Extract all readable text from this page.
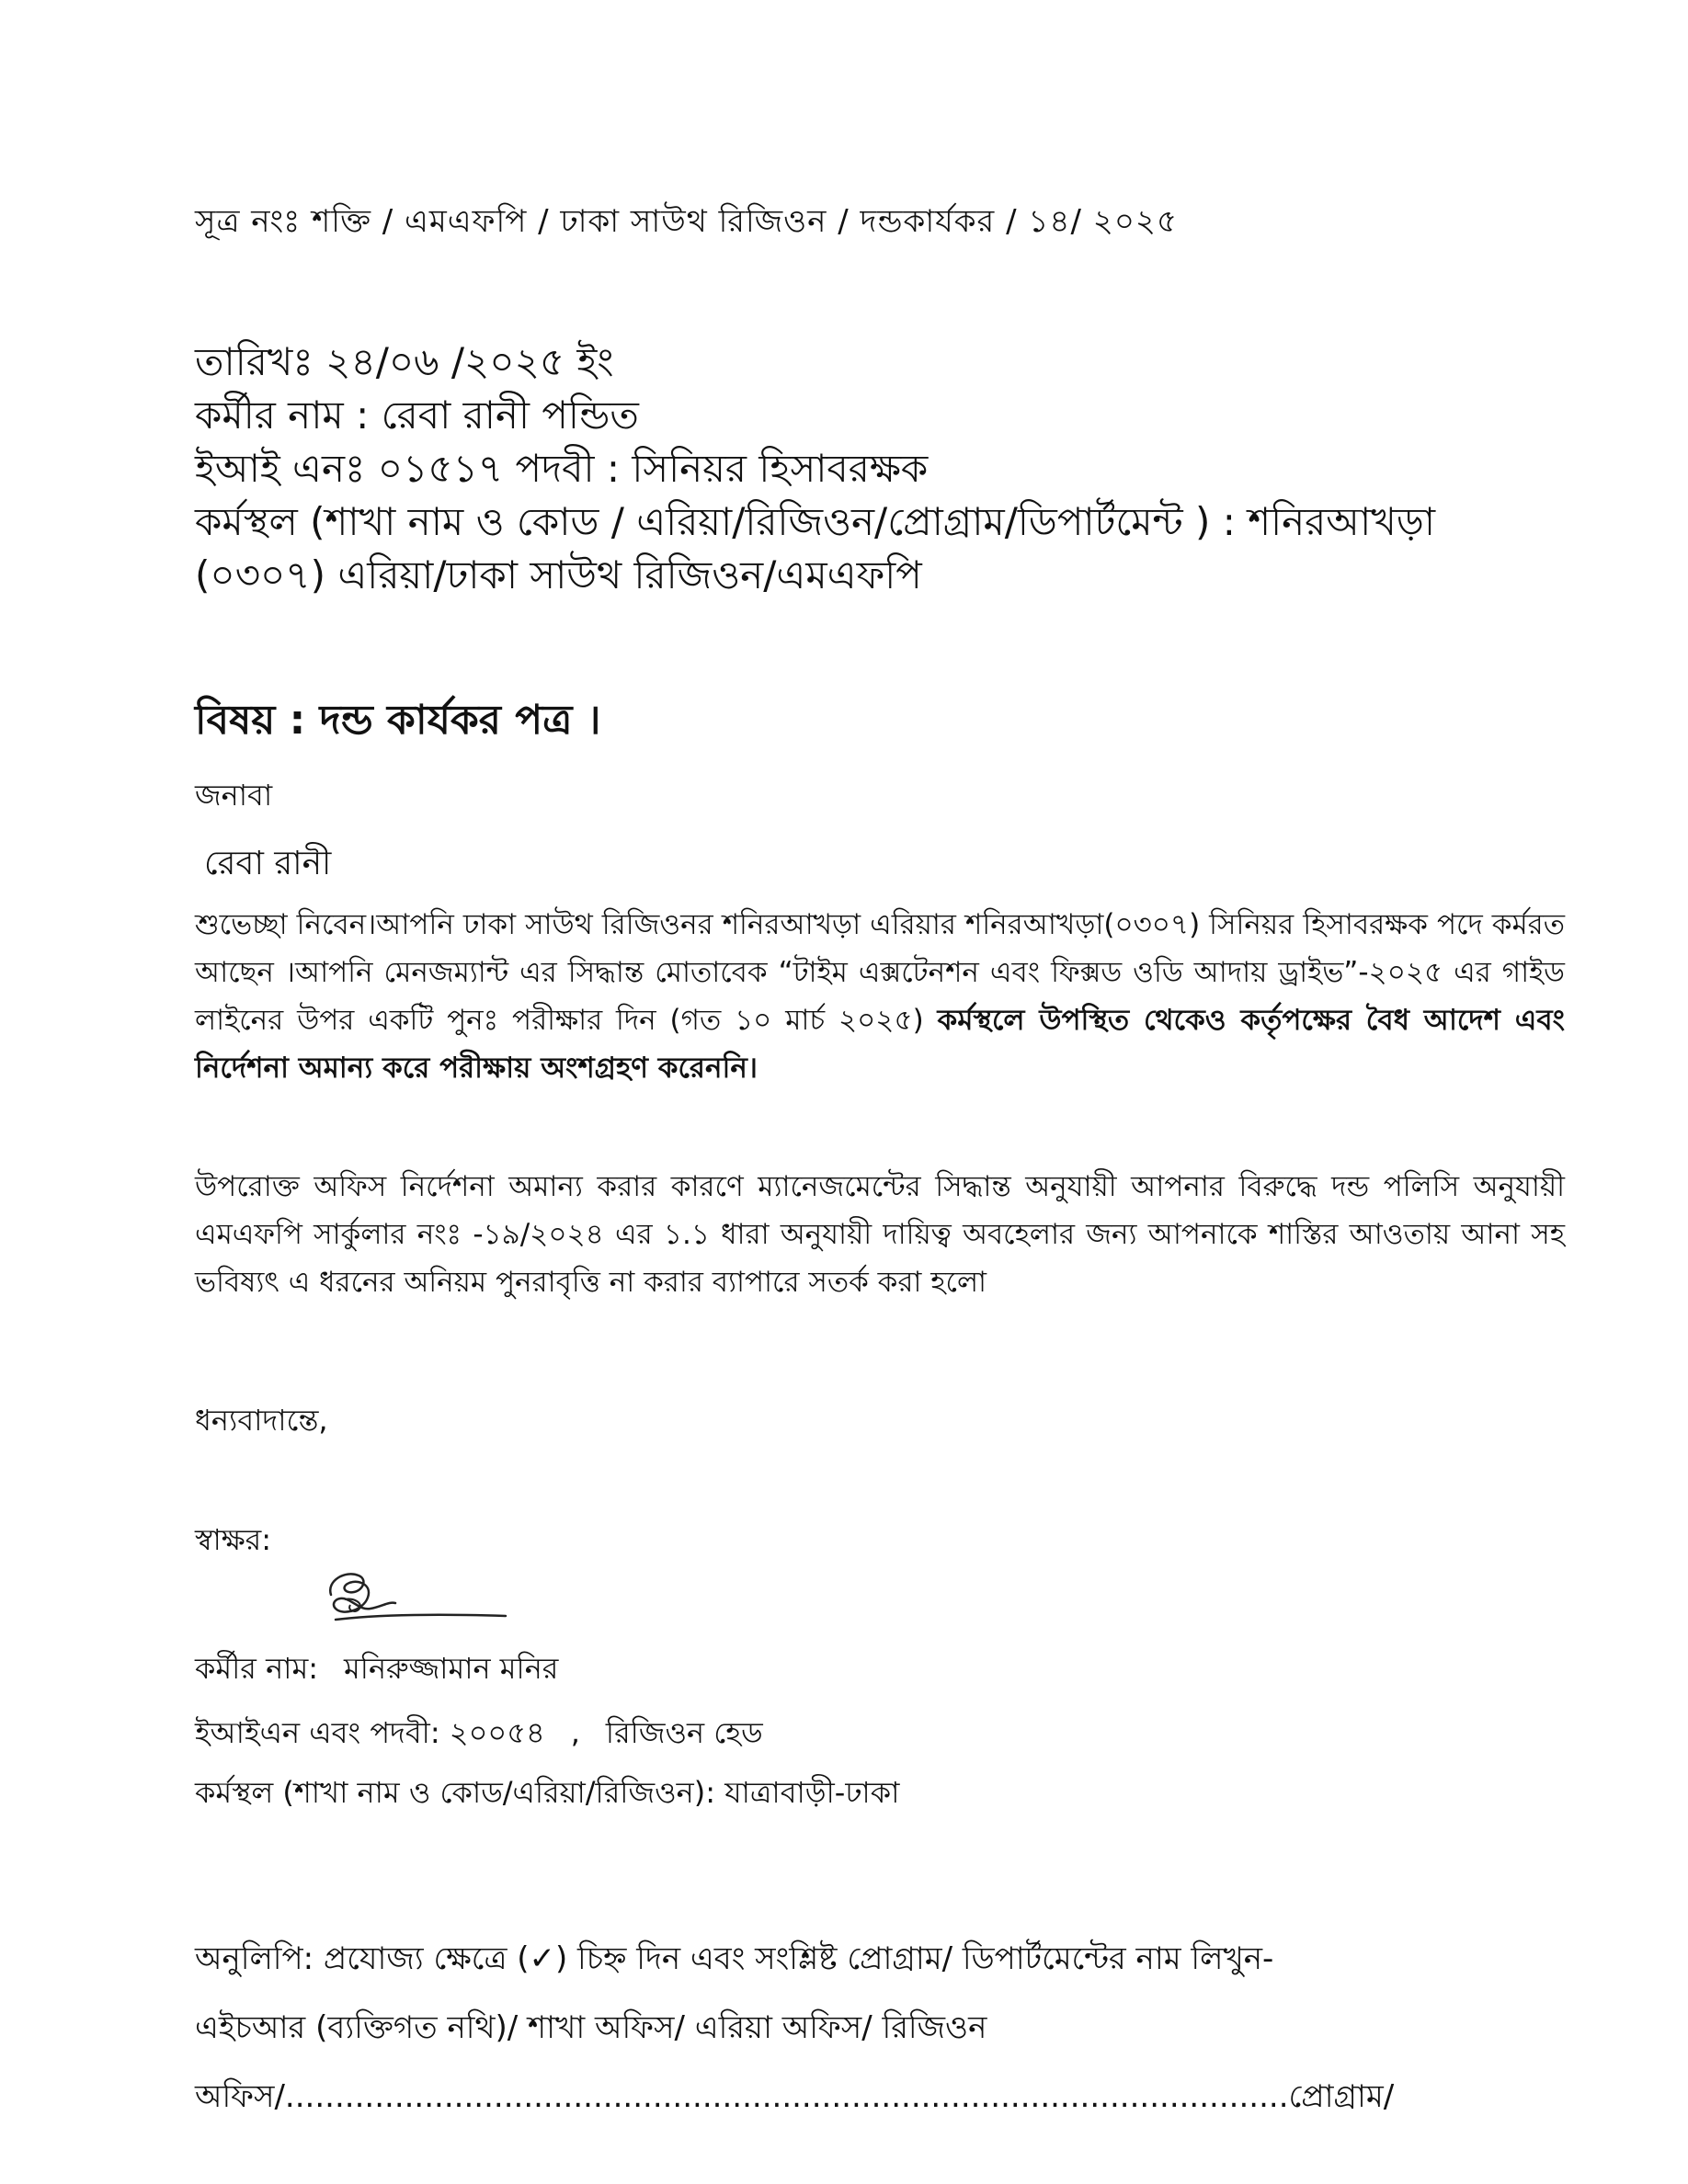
সূত্র নংঃ শক্তি / এমএফপি / ঢাকা সাউথ রিজিওন / দন্ডকার্যকর / ১৪/ ২০২৫
তারিখঃ ২৪/০৬ /২০২৫ ইং
কর্মীর নাম : রেবা রানী পন্ডিত
ইআই এনঃ ০১৫১৭ পদবী : সিনিয়র হিসাবরক্ষক
কর্মস্থল (শাখা নাম ও কোড / এরিয়া/রিজিওন/প্রোগ্রাম/ডিপার্টমেন্ট ) : শনিরআখড়া
(০৩০৭) এরিয়া/ঢাকা সাউথ রিজিওন/এমএফপি
বিষয় : দন্ড কার্যকর পত্র ।
জনাবা
রেবা রানী
শুভেচ্ছা নিবেন।আপনি ঢাকা সাউথ রিজিওনর শনিরআখড়া এরিয়ার শনিরআখড়া(০৩০৭) সিনিয়র হিসাবরক্ষক পদে কর্মরত আছেন ।আপনি মেনজম্যান্ট এর সিদ্ধান্ত মোতাবেক “টাইম এক্সটেনশন এবং ফিক্সড ওডি আদায় ড্রাইভ”-২০২৫ এর গাইড লাইনের উপর একটি পুনঃ পরীক্ষার দিন (গত ১০ মার্চ ২০২৫) কর্মস্থলে উপস্থিত থেকেও কর্তৃপক্ষের বৈধ আদেশ এবং নির্দেশনা অমান্য করে পরীক্ষায় অংশগ্রহণ করেননি।
উপরোক্ত অফিস নির্দেশনা অমান্য করার কারণে ম্যানেজমেন্টের সিদ্ধান্ত অনুযায়ী আপনার বিরুদ্ধে দন্ড পলিসি অনুযায়ী এমএফপি সার্কুলার নংঃ -১৯/২০২৪ এর ১.১ ধারা অনুযায়ী দায়িত্ব অবহেলার জন্য আপনাকে শাস্তির আওতায় আনা সহ ভবিষ্যৎ এ ধরনের অনিয়ম পুনরাবৃত্তি না করার ব্যাপারে সতর্ক করা হলো
ধন্যবাদান্তে,
স্বাক্ষর:
কর্মীর নাম: মনিরুজ্জামান মনির
ইআইএন এবং পদবী: ২০০৫৪ , রিজিওন হেড
কর্মস্থল (শাখা নাম ও কোড/এরিয়া/রিজিওন): যাত্রাবাড়ী-ঢাকা
অনুলিপি: প্রযোজ্য ক্ষেত্রে (✓) চিহ্ন দিন এবং সংশ্লিষ্ট প্রোগ্রাম/ ডিপার্টমেন্টের নাম লিখুন-
এইচআর (ব্যক্তিগত নথি)/ শাখা অফিস/ এরিয়া অফিস/ রিজিওন
অফিস/.....................................................................................................প্রোগ্রাম/
